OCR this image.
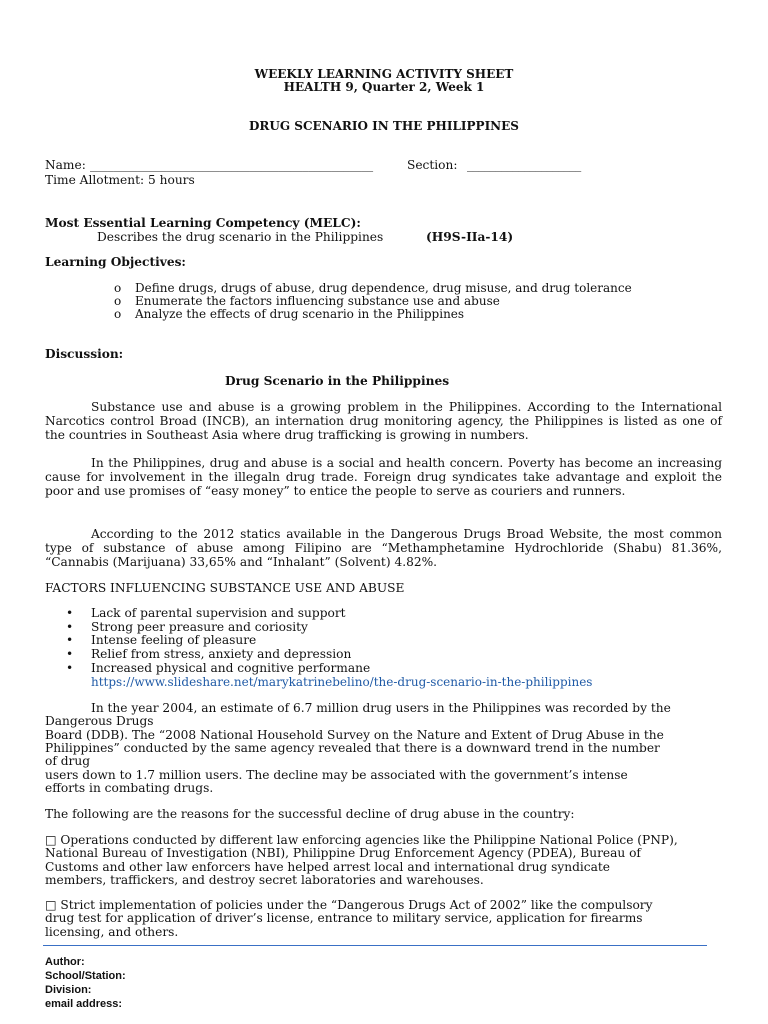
WEEKLY LEARNING ACTIVITY SHEET
HEALTH 9, Quarter 2, Week 1
DRUG SCENARIO IN THE PHILIPPINES
Name: ________________________________________________	Section: ____________________
Time Allotment: 5 hours
Most Essential Learning Competency (MELC):
Describes the drug scenario in the Philippines	(H9S-IIa-14)
Learning Objectives:
o Define drugs, drugs of abuse, drug dependence, drug misuse, and drug tolerance
o Enumerate the factors influencing substance use and abuse
o Analyze the effects of drug scenario in the Philippines
Discussion:
Drug Scenario in the Philippines
Substance use and abuse is a growing problem in the Philippines. According to the International Narcotics control Broad (INCB), an internation drug monitoring agency, the Philippines is listed as one of the countries in Southeast Asia where drug trafficking is growing in numbers.
In the Philippines, drug and abuse is a social and health concern. Poverty has become an increasing cause for involvement in the illegaln drug trade. Foreign drug syndicates take advantage and exploit the poor and use promises of “easy money” to entice the people to serve as couriers and runners.
According to the 2012 statics available in the Dangerous Drugs Broad Website, the most common type of substance of abuse among Filipino are “Methamphetamine Hydrochloride (Shabu) 81.36%, “Cannabis (Marijuana) 33,65% and “Inhalant” (Solvent) 4.82%.
FACTORS INFLUENCING SUBSTANCE USE AND ABUSE
• Lack of parental supervision and support
• Strong peer preasure and coriosity
• Intense feeling of pleasure
• Relief from stress, anxiety and depression
• Increased physical and cognitive performane
https://www.slideshare.net/marykatrinebelino/the-drug-scenario-in-the-philippines
In the year 2004, an estimate of 6.7 million drug users in the Philippines was recorded by the
Dangerous Drugs
Board (DDB). The “2008 National Household Survey on the Nature and Extent of Drug Abuse in the
Philippines” conducted by the same agency revealed that there is a downward trend in the number
of drug
users down to 1.7 million users. The decline may be associated with the government’s intense
efforts in combating drugs.
The following are the reasons for the successful decline of drug abuse in the country:
□ Operations conducted by different law enforcing agencies like the Philippine National Police (PNP),
National Bureau of Investigation (NBI), Philippine Drug Enforcement Agency (PDEA), Bureau of
Customs and other law enforcers have helped arrest local and international drug syndicate
members, traffickers, and destroy secret laboratories and warehouses.
□ Strict implementation of policies under the “Dangerous Drugs Act of 2002” like the compulsory
drug test for application of driver’s license, entrance to military service, application for firearms
licensing, and others.
Author:
School/Station:
Division:
email address:
